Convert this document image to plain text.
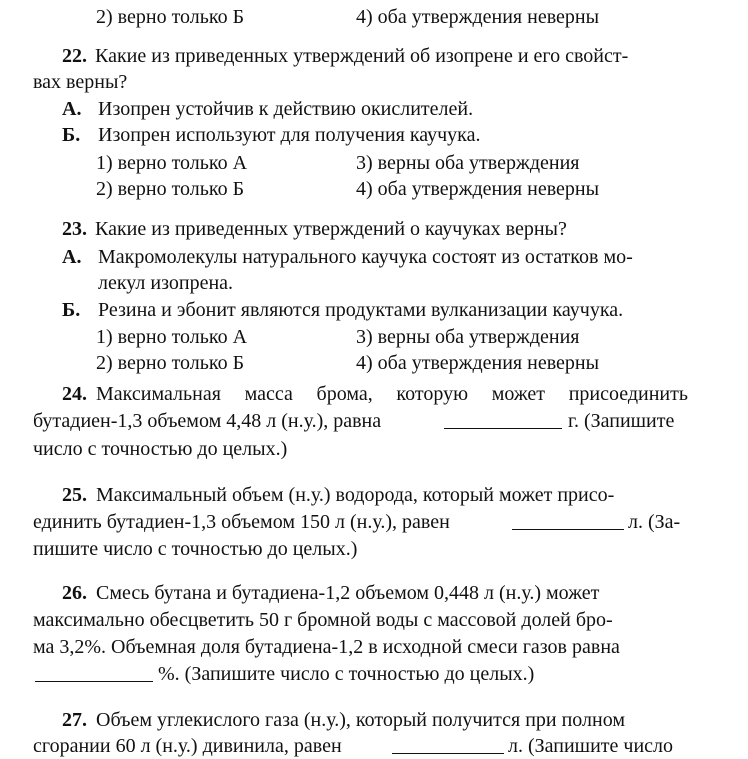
2) верно только Б	4) оба утверждения неверны
22. Какие из приведенных утверждений об изопрене и его свойст-
вах верны?
А. Изопрен устойчив к действию окислителей.
Б. Изопрен используют для получения каучука.
1) верно только А	3) верны оба утверждения
2) верно только Б	4) оба утверждения неверны
23. Какие из приведенных утверждений о каучуках верны?
А. Макромолекулы натурального каучука состоят из остатков мо-
лекул изопрена.
Б. Резина и эбонит являются продуктами вулканизации каучука.
1) верно только А	3) верны оба утверждения
2) верно только Б	4) оба утверждения неверны
24. Максимальная масса брома, которую может присоединить
бутадиен-1,3 объемом 4,48 л (н.у.), равна	г. (Запишите
число с точностью до целых.)
25. Максимальный объем (н.у.) водорода, который может присо-
единить бутадиен-1,3 объемом 150 л (н.у.), равен	л. (За-
пишите число с точностью до целых.)
26. Смесь бутана и бутадиена-1,2 объемом 0,448 л (н.у.) может
максимально обесцветить 50 г бромной воды с массовой долей бро-
ма 3,2%. Объемная доля бутадиена-1,2 в исходной смеси газов равна
%. (Запишите число с точностью до целых.)
27. Объем углекислого газа (н.у.), который получится при полном
сгорании 60 л (н.у.) дивинила, равен	л. (Запишите число
